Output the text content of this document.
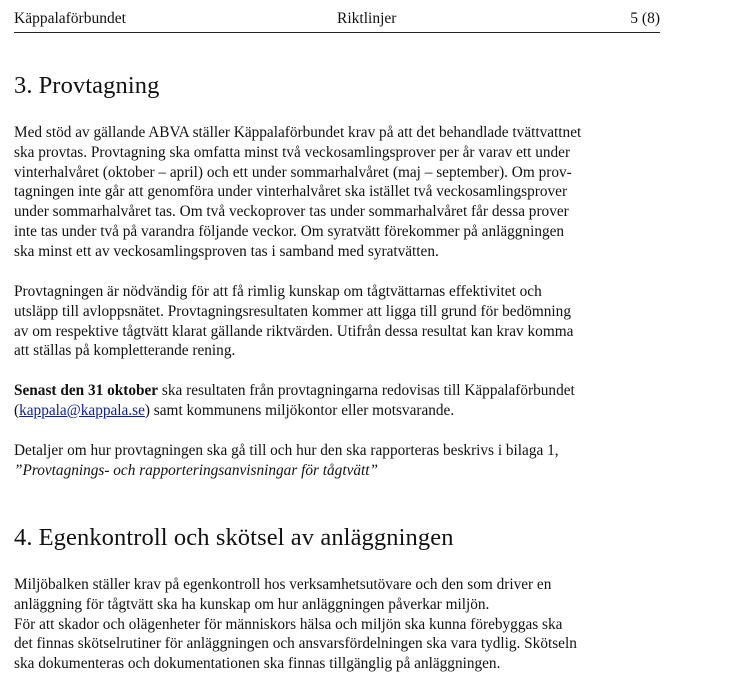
Käppalaförbundet	Riktlinjer	5 (8)
3. Provtagning

Med stöd av gällande ABVA ställer Käppalaförbundet krav på att det behandlade tvättvattnet
ska provtas. Provtagning ska omfatta minst två veckosamlingsprover per år varav ett under
vinterhalvåret (oktober – april) och ett under sommarhalvåret (maj – september). Om prov-
tagningen inte går att genomföra under vinterhalvåret ska istället två veckosamlingsprover
under sommarhalvåret tas. Om två veckoprover tas under sommarhalvåret får dessa prover
inte tas under två på varandra följande veckor. Om syratvätt förekommer på anläggningen
ska minst ett av veckosamlingsproven tas i samband med syratvätten.

Provtagningen är nödvändig för att få rimlig kunskap om tågtvättarnas effektivitet och
utsläpp till avloppsnätet. Provtagningsresultaten kommer att ligga till grund för bedömning
av om respektive tågtvätt klarat gällande riktvärden. Utifrån dessa resultat kan krav komma
att ställas på kompletterande rening.

Senast den 31 oktober ska resultaten från provtagningarna redovisas till Käppalaförbundet
(kappala@kappala.se) samt kommunens miljökontor eller motsvarande.

Detaljer om hur provtagningen ska gå till och hur den ska rapporteras beskrivs i bilaga 1,
”Provtagnings- och rapporteringsanvisningar för tågtvätt”

4. Egenkontroll och skötsel av anläggningen

Miljöbalken ställer krav på egenkontroll hos verksamhetsutövare och den som driver en
anläggning för tågtvätt ska ha kunskap om hur anläggningen påverkar miljön.
För att skador och olägenheter för människors hälsa och miljön ska kunna förebyggas ska
det finnas skötselrutiner för anläggningen och ansvarsfördelningen ska vara tydlig. Skötseln
ska dokumenteras och dokumentationen ska finnas tillgänglig på anläggningen.
